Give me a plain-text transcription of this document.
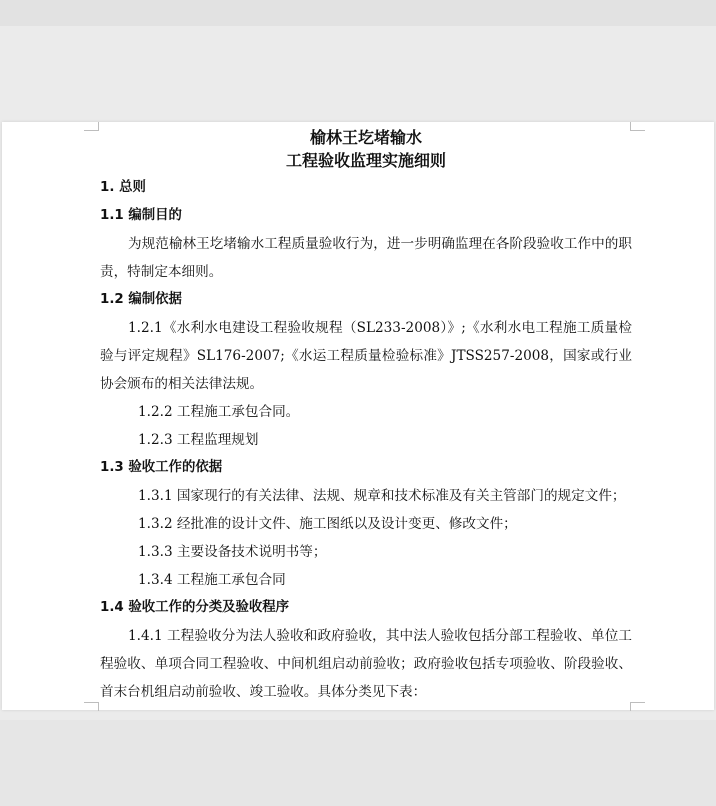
榆林王圪堵输水
工程验收监理实施细则
1. 总则
1.1 编制目的
为规范榆林王圪堵输水工程质量验收行为，进一步明确监理在各阶段验收工作中的职责，特制定本细则。
1.2 编制依据
1.2.1《水利水电建设工程验收规程（SL233-2008）》;《水利水电工程施工质量检验与评定规程》SL176-2007;《水运工程质量检验标准》JTSS257-2008，国家或行业协会颁布的相关法律法规。
1.2.2 工程施工承包合同。
1.2.3 工程监理规划
1.3 验收工作的依据
1.3.1 国家现行的有关法律、法规、规章和技术标准及有关主管部门的规定文件；
1.3.2 经批准的设计文件、施工图纸以及设计变更、修改文件；
1.3.3 主要设备技术说明书等；
1.3.4 工程施工承包合同
1.4 验收工作的分类及验收程序
1.4.1 工程验收分为法人验收和政府验收，其中法人验收包括分部工程验收、单位工程验收、单项合同工程验收、中间机组启动前验收；政府验收包括专项验收、阶段验收、首末台机组启动前验收、竣工验收。具体分类见下表：
